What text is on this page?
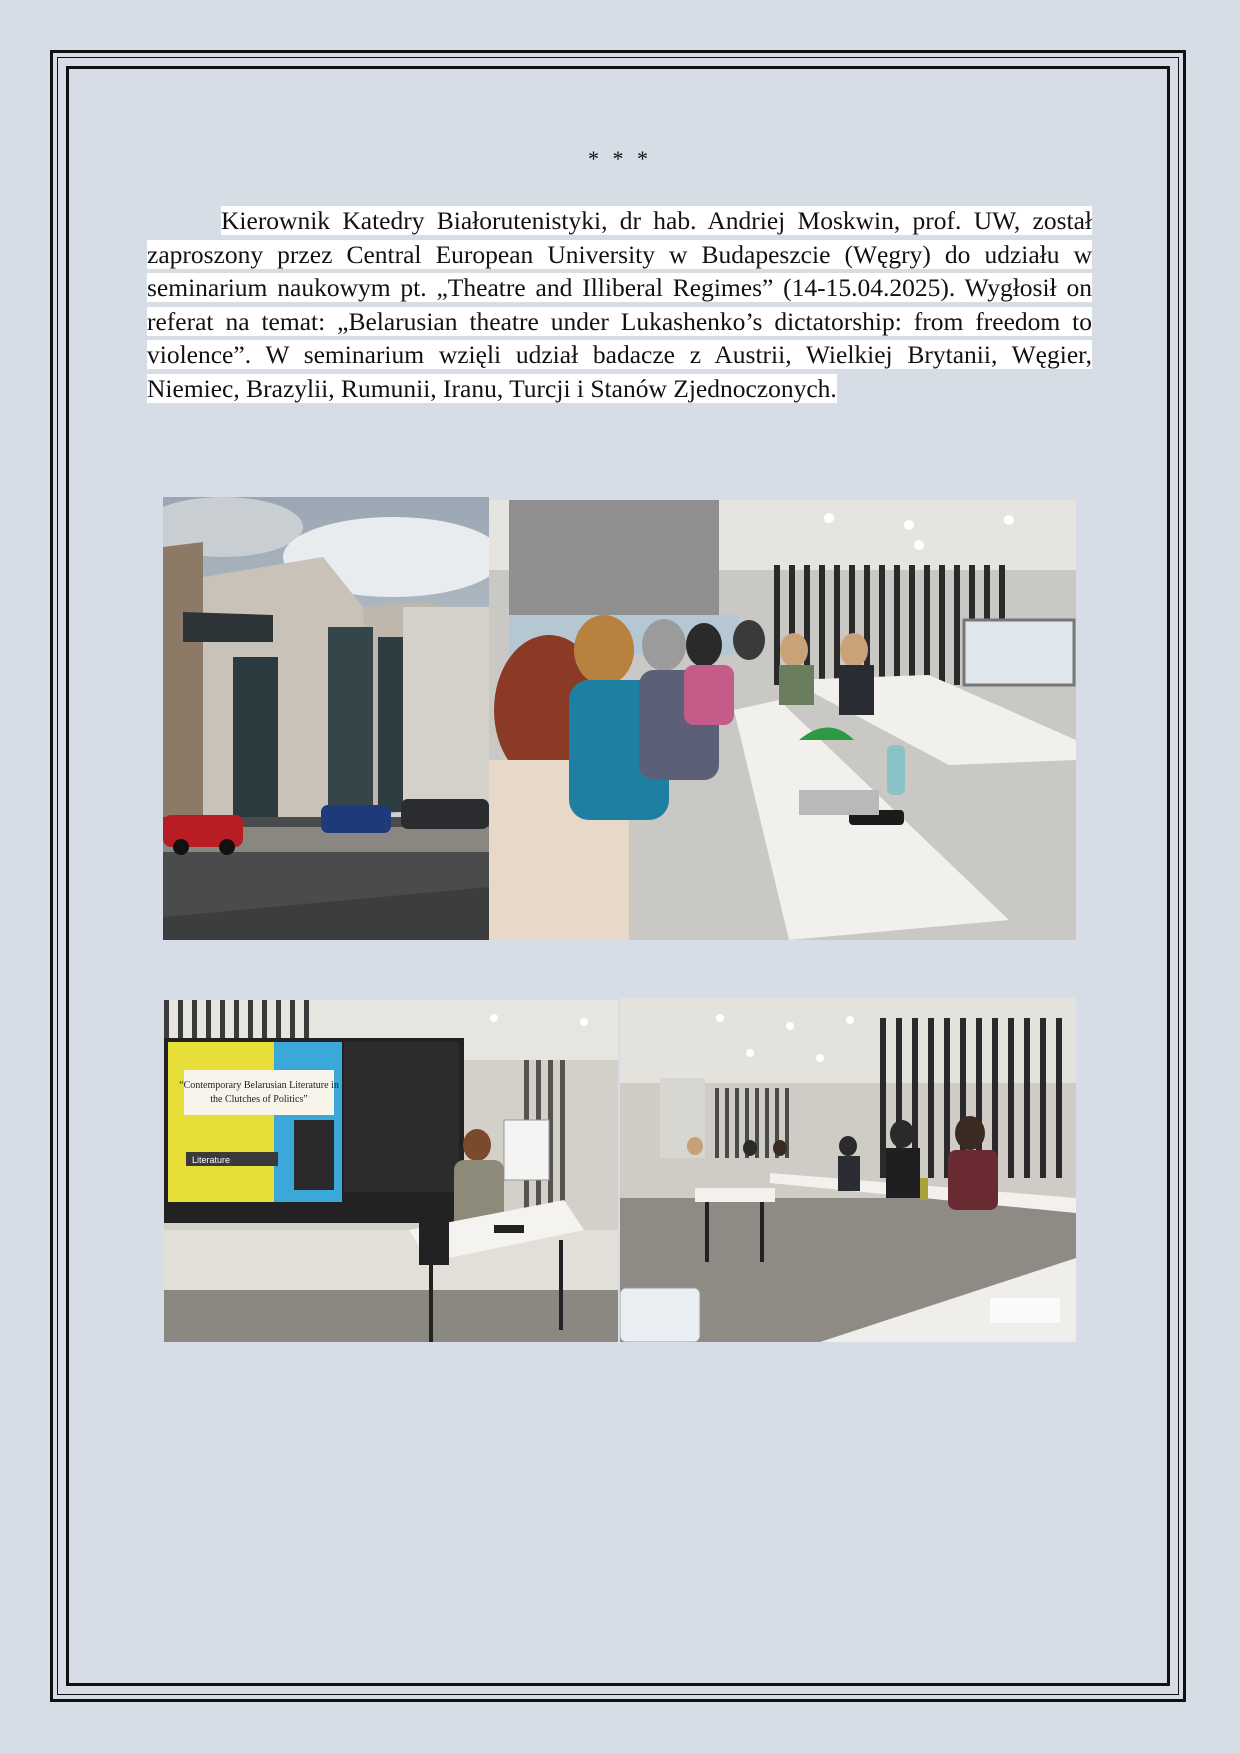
* * *

Kierownik Katedry Białorutenistyki, dr hab. Andriej Moskwin, prof. UW, został zaproszony przez Central European University w Budapeszcie (Węgry) do udziału w seminarium naukowym pt. „Theatre and Illiberal Regimes” (14-15.04.2025). Wygłosił on referat na temat: „Belarusian theatre under Lukashenko’s dictatorship: from freedom to violence”. W seminarium wzięli udział badacze z Austrii, Wielkiej Brytanii, Węgier, Niemiec, Brazylii, Rumunii, Iranu, Turcji i Stanów Zjednoczonych.

“Contemporary Belarusian Literature in
the Clutches of Politics”
Literature
